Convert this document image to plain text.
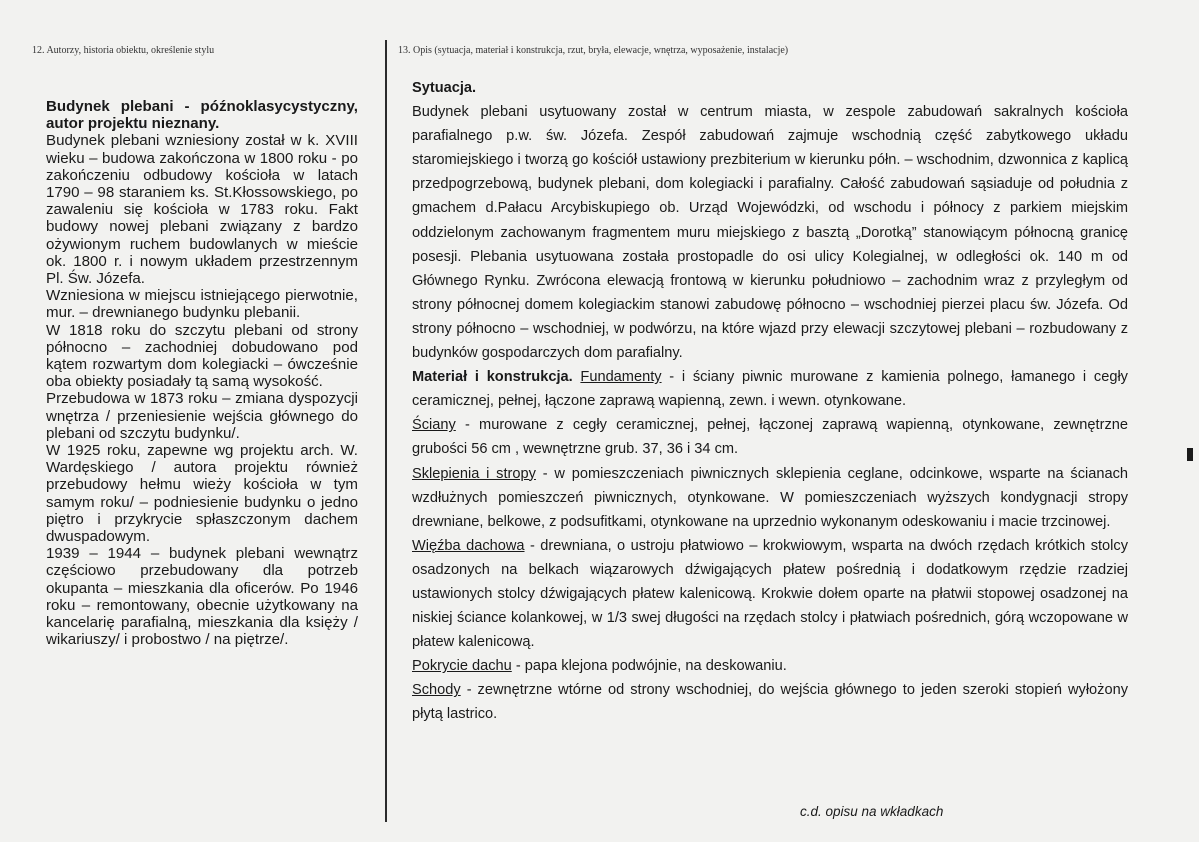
12. Autorzy, historia obiektu, określenie stylu	13. Opis (sytuacja, materiał i konstrukcja, rzut, bryła, elewacje, wnętrza, wyposażenie, instalacje)

Budynek plebani - późnoklasycystyczny, autor projektu nieznany.

Budynek plebani wzniesiony został w k. XVIII wieku – budowa zakończona w 1800 roku - po zakończeniu odbudowy kościoła w latach 1790 – 98 staraniem ks. St.Kłossowskiego, po zawaleniu się kościoła w 1783 roku. Fakt budowy nowej plebani związany z bardzo ożywionym ruchem budowlanych w mieście ok. 1800 r. i nowym układem przestrzennym Pl. Św. Józefa.

Wzniesiona w miejscu istniejącego pierwotnie, mur. – drewnianego budynku plebanii.

W 1818 roku do szczytu plebani od strony północno – zachodniej dobudowano pod kątem rozwartym dom kolegiacki – ówcześnie oba obiekty posiadały tą samą wysokość.

Przebudowa w 1873 roku – zmiana dyspozycji wnętrza / przeniesienie wejścia głównego do plebani od szczytu budynku/.

W 1925 roku, zapewne wg projektu arch. W. Wardęskiego / autora projektu również przebudowy hełmu wieży kościoła w tym samym roku/ – podniesienie budynku o jedno piętro i przykrycie spłaszczonym dachem dwuspadowym.

1939 – 1944 – budynek plebani wewnątrz częściowo przebudowany dla potrzeb okupanta – mieszkania dla oficerów. Po 1946 roku – remontowany, obecnie użytkowany na kancelarię parafialną, mieszkania dla księży / wikariuszy/ i probostwo / na piętrze/.

Sytuacja.

Budynek plebani usytuowany został w centrum miasta, w zespole zabudowań sakralnych kościoła parafialnego p.w. św. Józefa. Zespół zabudowań zajmuje wschodnią część zabytkowego układu staromiejskiego i tworzą go kościół ustawiony prezbiterium w kierunku półn. – wschodnim, dzwonnica z kaplicą przedpogrzebową, budynek plebani, dom kolegiacki i parafialny. Całość zabudowań sąsiaduje od południa z gmachem d.Pałacu Arcybiskupiego ob. Urząd Wojewódzki, od wschodu i północy z parkiem miejskim oddzielonym zachowanym fragmentem muru miejskiego z basztą „Dorotką” stanowiącym północną granicę posesji. Plebania usytuowana została prostopadle do osi ulicy Kolegialnej, w odległości ok. 140 m od Głównego Rynku. Zwrócona elewacją frontową w kierunku południowo – zachodnim wraz z przyległym od strony północnej domem kolegiackim stanowi zabudowę północno – wschodniej pierzei placu św. Józefa. Od strony północno – wschodniej, w podwórzu, na które wjazd przy elewacji szczytowej plebani – rozbudowany z budynków gospodarczych dom parafialny.

Materiał i konstrukcja. Fundamenty - i ściany piwnic murowane z kamienia polnego, łamanego i cegły ceramicznej, pełnej, łączone zaprawą wapienną, zewn. i wewn. otynkowane.

Ściany - murowane z cegły ceramicznej, pełnej, łączonej zaprawą wapienną, otynkowane, zewnętrzne grubości 56 cm , wewnętrzne grub. 37, 36 i 34 cm.

Sklepienia i stropy - w pomieszczeniach piwnicznych sklepienia ceglane, odcinkowe, wsparte na ścianach wzdłużnych pomieszczeń piwnicznych, otynkowane. W pomieszczeniach wyższych kondygnacji stropy drewniane, belkowe, z podsufitkami, otynkowane na uprzednio wykonanym odeskowaniu i macie trzcinowej.

Więźba dachowa - drewniana, o ustroju płatwiowo – krokwiowym, wsparta na dwóch rzędach krótkich stolcy osadzonych na belkach wiązarowych dźwigających płatew pośrednią i dodatkowym rzędzie rzadziej ustawionych stolcy dźwigających płatew kalenicową. Krokwie dołem oparte na płatwii stopowej osadzonej na niskiej ściance kolankowej, w 1/3 swej długości na rzędach stolcy i płatwiach pośrednich, górą wczopowane w płatew kalenicową.

Pokrycie dachu - papa klejona podwójnie, na deskowaniu.

Schody - zewnętrzne wtórne od strony wschodniej, do wejścia głównego to jeden szeroki stopień wyłożony płytą lastrico.

c.d. opisu na wkładkach
